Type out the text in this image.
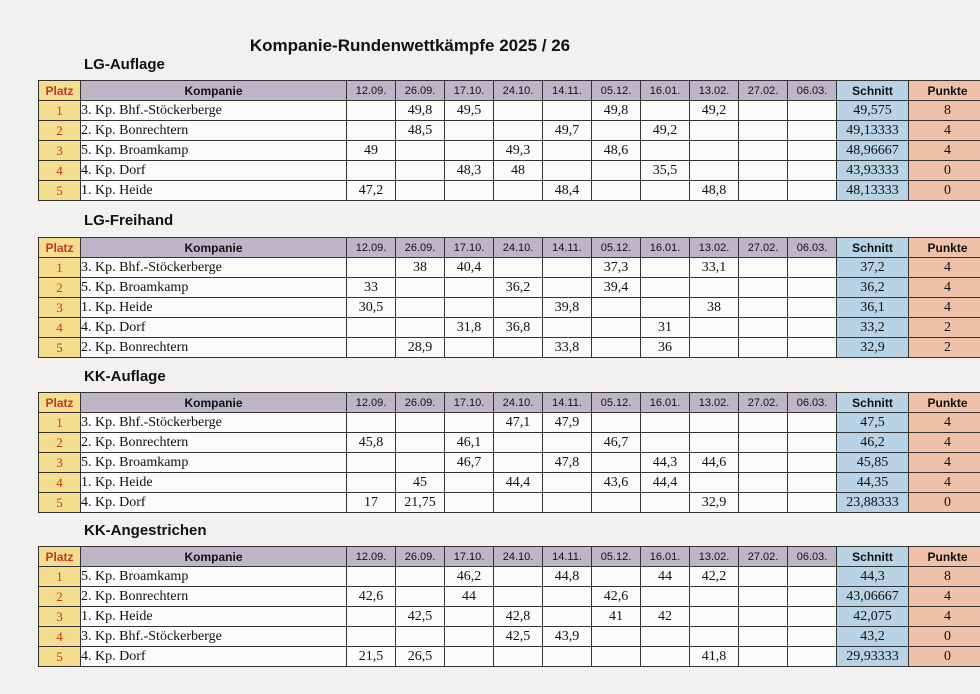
Kompanie-Rundenwettkämpfe 2025 / 26
LG-Auflage
Platz	Kompanie	12.09.	26.09.	17.10.	24.10.	14.11.	05.12.	16.01.	13.02.	27.02.	06.03.	Schnitt	Punkte
1	3. Kp. Bhf.-Stöckerberge		49,8	49,5			49,8		49,2			49,575	8
2	2. Kp. Bonrechtern		48,5			49,7		49,2				49,13333	4
3	5. Kp. Broamkamp	49			49,3		48,6					48,96667	4
4	4. Kp. Dorf			48,3	48			35,5				43,93333	0
5	1. Kp. Heide	47,2				48,4			48,8			48,13333	0
LG-Freihand
Platz	Kompanie	12.09.	26.09.	17.10.	24.10.	14.11.	05.12.	16.01.	13.02.	27.02.	06.03.	Schnitt	Punkte
1	3. Kp. Bhf.-Stöckerberge		38	40,4			37,3		33,1			37,2	4
2	5. Kp. Broamkamp	33			36,2		39,4					36,2	4
3	1. Kp. Heide	30,5				39,8			38			36,1	4
4	4. Kp. Dorf			31,8	36,8			31				33,2	2
5	2. Kp. Bonrechtern		28,9			33,8		36				32,9	2
KK-Auflage
Platz	Kompanie	12.09.	26.09.	17.10.	24.10.	14.11.	05.12.	16.01.	13.02.	27.02.	06.03.	Schnitt	Punkte
1	3. Kp. Bhf.-Stöckerberge				47,1	47,9						47,5	4
2	2. Kp. Bonrechtern	45,8		46,1			46,7					46,2	4
3	5. Kp. Broamkamp			46,7		47,8		44,3	44,6			45,85	4
4	1. Kp. Heide		45		44,4		43,6	44,4				44,35	4
5	4. Kp. Dorf	17	21,75						32,9			23,88333	0
KK-Angestrichen
Platz	Kompanie	12.09.	26.09.	17.10.	24.10.	14.11.	05.12.	16.01.	13.02.	27.02.	06.03.	Schnitt	Punkte
1	5. Kp. Broamkamp			46,2		44,8		44	42,2			44,3	8
2	2. Kp. Bonrechtern	42,6		44			42,6					43,06667	4
3	1. Kp. Heide		42,5		42,8		41	42				42,075	4
4	3. Kp. Bhf.-Stöckerberge				42,5	43,9						43,2	0
5	4. Kp. Dorf	21,5	26,5						41,8			29,93333	0
